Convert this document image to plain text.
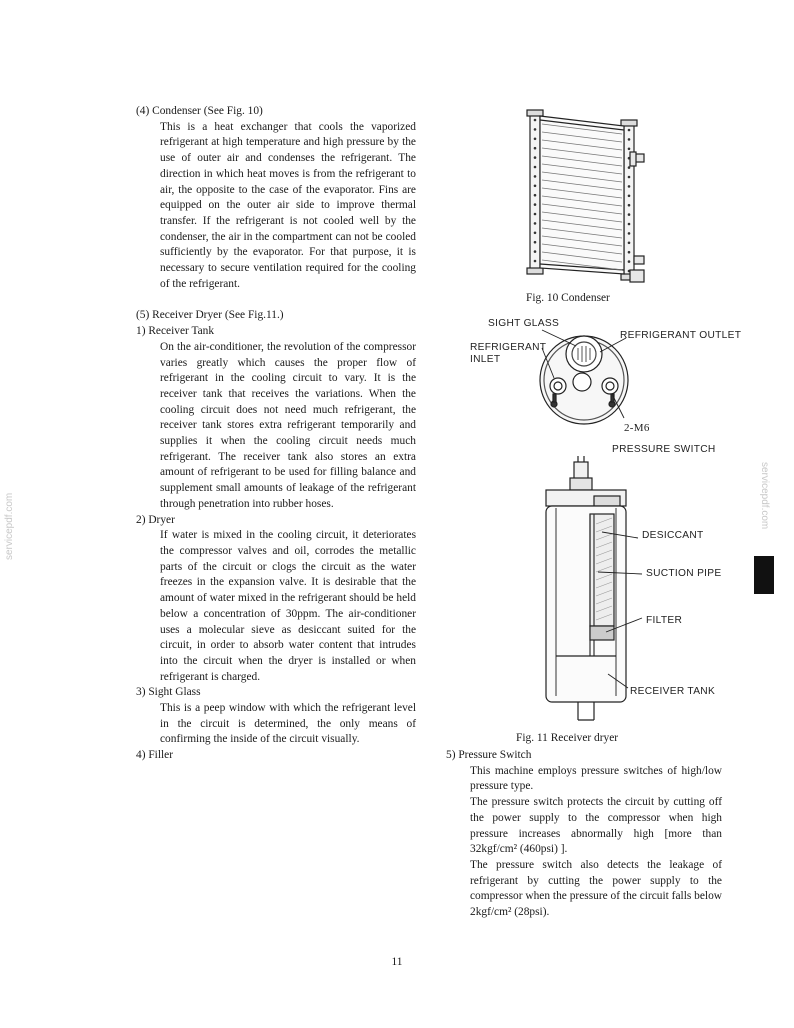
(4) Condenser (See Fig. 10)
This is a heat exchanger that cools the vaporized refrigerant at high temperature and high pressure by the use of outer air and condenses the refrigerant. The direction in which heat moves is from the refrigerant to air, the opposite to the case of the evaporator. Fins are equipped on the outer air side to improve thermal transfer. If the refrigerant is not cooled well by the condenser, the air in the compartment can not be cooled sufficiently by the evaporator. For that purpose, it is necessary to secure ventilation required for the cooling of the refrigerant.
(5) Receiver Dryer (See Fig.11.)
1) Receiver Tank
On the air-conditioner, the revolution of the compressor varies greatly which causes the proper flow of refrigerant in the cooling circuit to vary. It is the receiver tank that receives the variations. When the cooling circuit does not need much refrigerant, the receiver tank stores extra refrigerant temporarily and supplies it when the cooling circuit needs much refrigerant. The receiver tank also stores an extra amount of refrigerant to be used for filling balance and supplement small amounts of leakage of the refrigerant through penetration into rubber hoses.
2) Dryer
If water is mixed in the cooling circuit, it deteriorates the compressor valves and oil, corrodes the metallic parts of the circuit or clogs the circuit as the water freezes in the expansion valve. It is desirable that the amount of water mixed in the refrigerant should be held below a concentration of 30ppm. The air-conditioner uses a molecular sieve as desiccant suited for the circuit, in order to absorb water content that intrudes into the circuit when the dryer is installed or when refrigerant is charged.
3) Sight Glass
This is a peep window with which the refrigerant level in the circuit is determined, the only means of confirming the inside of the circuit visually.
4) Filler
Fig. 10 Condenser
SIGHT GLASS
REFRIGERANT OUTLET
REFRIGERANT
INLET
2-M6
PRESSURE SWITCH
DESICCANT
SUCTION PIPE
FILTER
RECEIVER TANK
Fig. 11 Receiver dryer
5) Pressure Switch
This machine employs pressure switches of high/low pressure type.
The pressure switch protects the circuit by cutting off the power supply to the compressor when high pressure increases abnormally high [more than 32kgf/cm² (460psi) ].
The pressure switch also detects the leakage of refrigerant by cutting the power supply to the compressor when the pressure of the circuit falls below 2kgf/cm² (28psi).
servicepdf.com	servicepdf.com
11
